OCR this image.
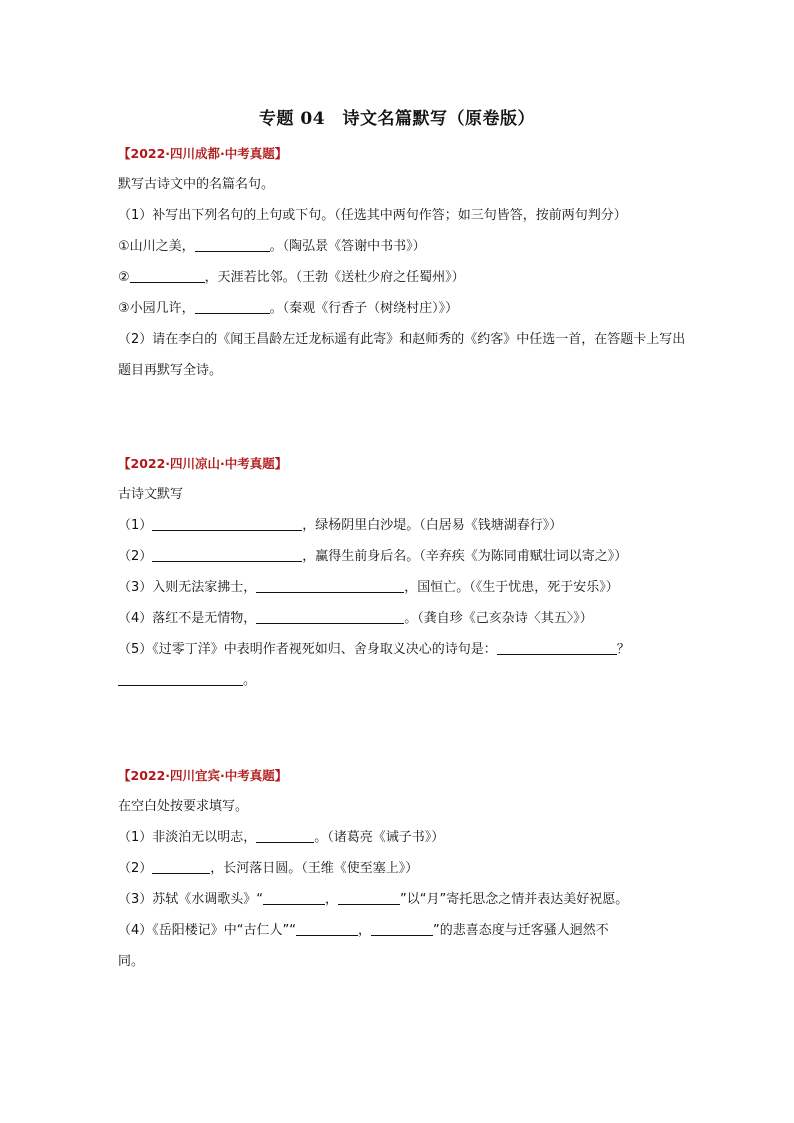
专题 04　诗文名篇默写（原卷版）
【2022·四川成都·中考真题】
默写古诗文中的名篇名句。
（1）补写出下列名句的上句或下句。（任选其中两句作答；如三句皆答，按前两句判分）
①山川之美，	。（陶弘景《答谢中书书》）
②	，天涯若比邻。（王勃《送杜少府之任蜀州》）
③小园几许，	。（秦观《行香子（树绕村庄）》）
（2）请在李白的《闻王昌龄左迁龙标遥有此寄》和赵师秀的《约客》中任选一首，在答题卡上写出题目再默写全诗。
【2022·四川凉山·中考真题】
古诗文默写
（1）	，绿杨阴里白沙堤。（白居易《钱塘湖春行》）
（2）	，赢得生前身后名。（辛弃疾《为陈同甫赋壮词以寄之》）
（3）入则无法家拂士，	，国恒亡。（《生于忧患，死于安乐》）
（4）落红不是无情物，	。（龚自珍《己亥杂诗〈其五〉》）
（5）《过零丁洋》中表明作者视死如归、舍身取义决心的诗句是：	？
。
【2022·四川宜宾·中考真题】
在空白处按要求填写。
（1）非淡泊无以明志，	。（诸葛亮《诫子书》）
（2）	，长河落日圆。（王维《使至塞上》）
（3）苏轼《水调歌头》“	，	”以“月”寄托思念之情并表达美好祝愿。
（4）《岳阳楼记》中“古仁人”“	，	”的悲喜态度与迁客骚人迥然不
同。
